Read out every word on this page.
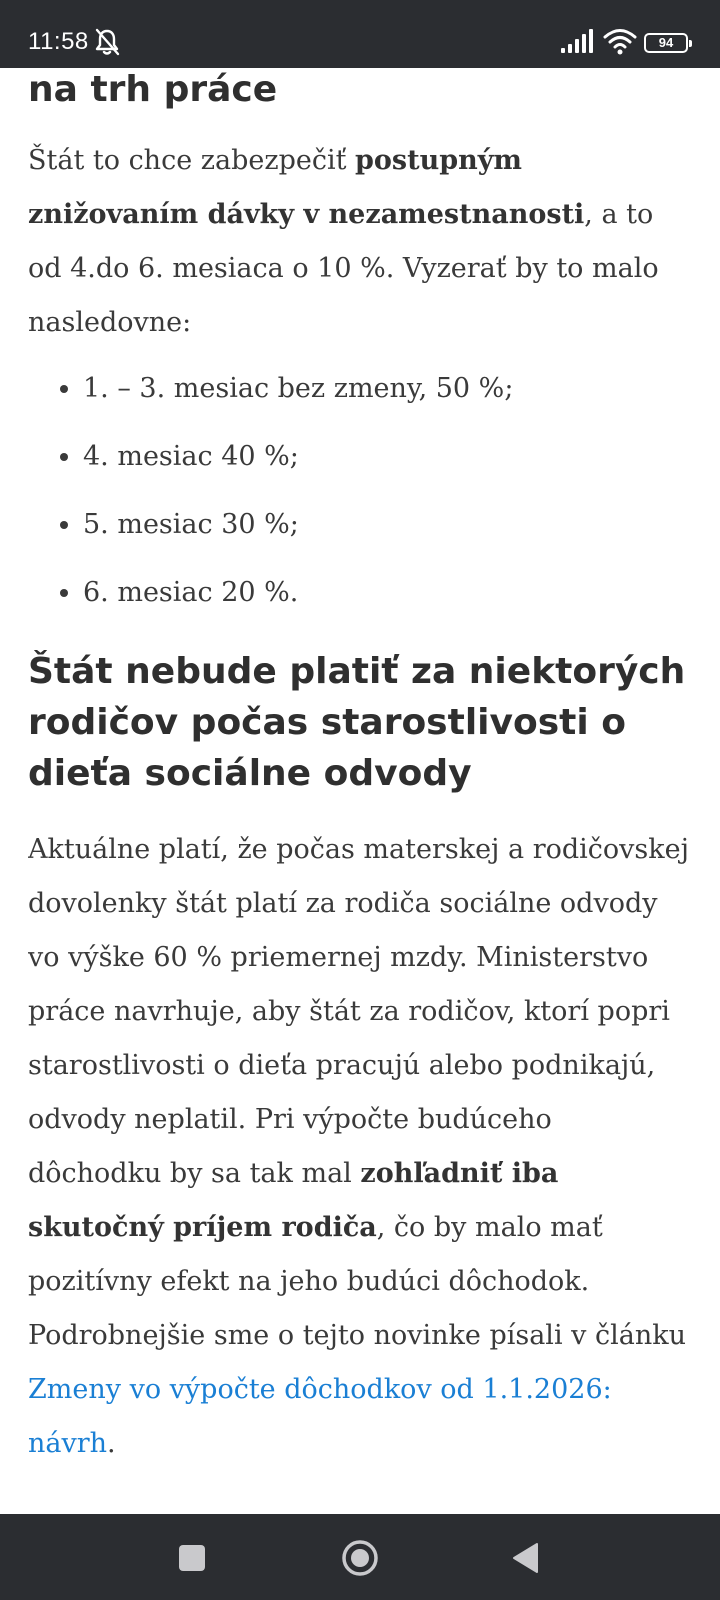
11:58	94
na trh práce

Štát to chce zabezpečiť postupným znižovaním dávky v nezamestnanosti, a to od 4.do 6. mesiaca o 10 %. Vyzerať by to malo nasledovne:

• 1. – 3. mesiac bez zmeny, 50 %;
• 4. mesiac 40 %;
• 5. mesiac 30 %;
• 6. mesiac 20 %.
Štát nebude platiť za niektorých rodičov počas starostlivosti o dieťa sociálne odvody

Aktuálne platí, že počas materskej a rodičovskej dovolenky štát platí za rodiča sociálne odvody vo výške 60 % priemernej mzdy. Ministerstvo práce navrhuje, aby štát za rodičov, ktorí popri starostlivosti o dieťa pracujú alebo podnikajú, odvody neplatil. Pri výpočte budúceho dôchodku by sa tak mal zohľadniť iba skutočný príjem rodiča, čo by malo mať pozitívny efekt na jeho budúci dôchodok. Podrobnejšie sme o tejto novinke písali v článku Zmeny vo výpočte dôchodkov od 1.1.2026: návrh.
